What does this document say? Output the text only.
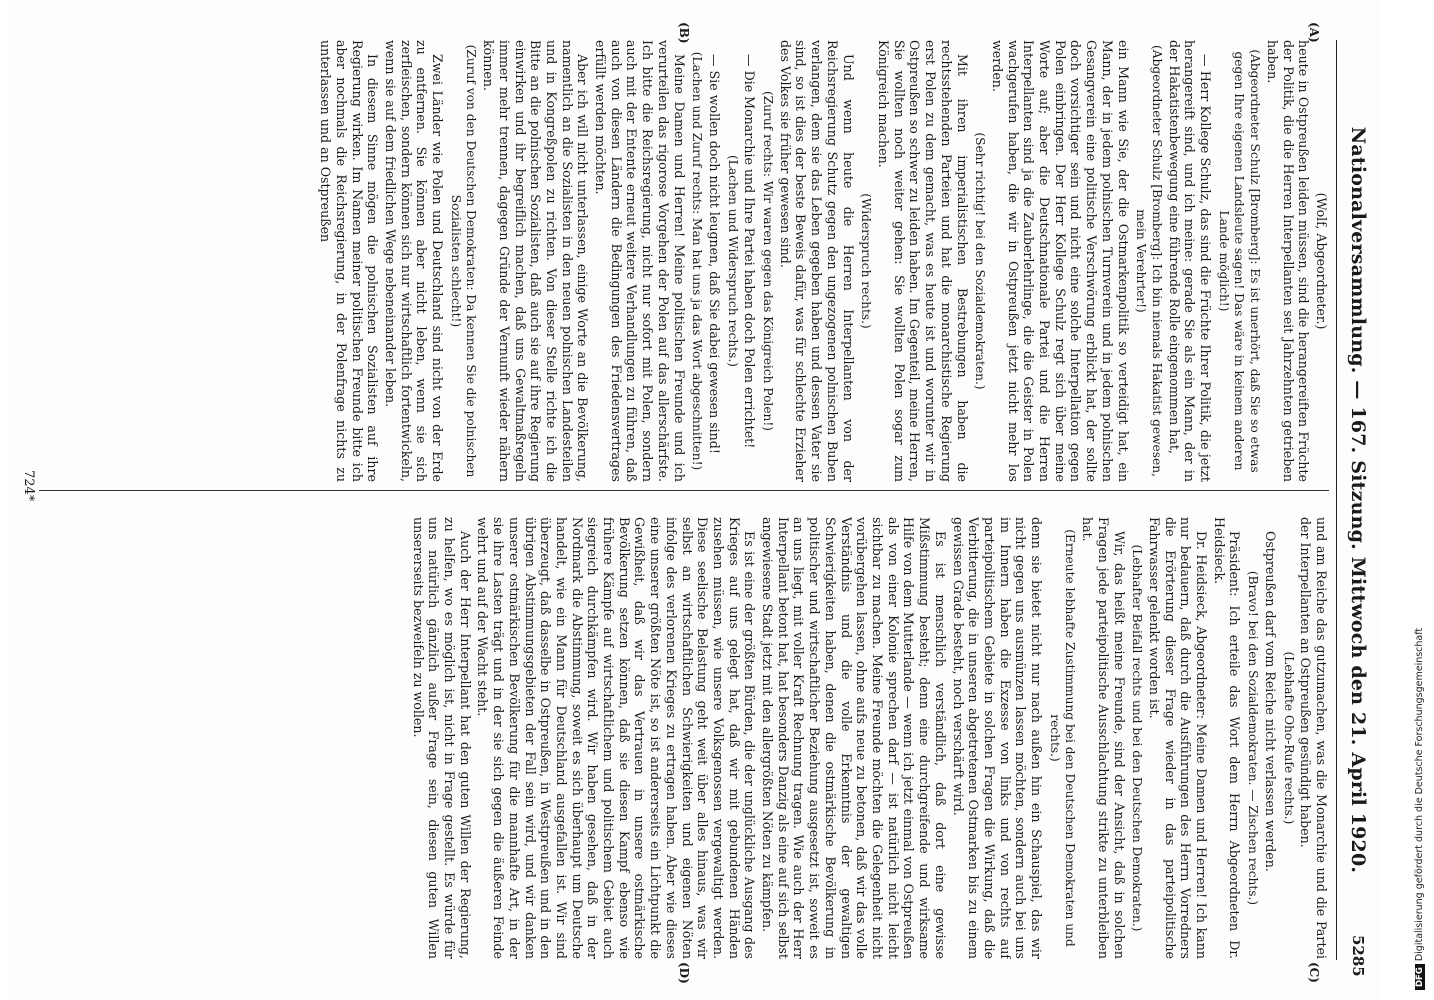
Nationalversammlung. — 167. Sitzung. Mittwoch den 21. April 1920.
(A)
(B)
(C)
(D)	5285

(Wolf, Abgeordneter.)

heute in Ostpreußen leiden müssen, sind die herangereiften Früchte der Politik, die die Herren Interpellanten seit Jahrzehnten getrieben haben.

(Abgeordneter Schulz [Bromberg]: Es ist unerhört, daß Sie so etwas gegen Ihre eigenen Landsleute sagen! Das wäre in keinem anderen Lande möglich!)

— Herr Kollege Schulz, das sind die Früchte Ihrer Politik, die jetzt herangereift sind, und ich meine: gerade Sie als ein Mann, der in der Hakatistenbewegung eine führende Rolle eingenommen hat,

(Abgeordneter Schulz [Bromberg]: Ich bin niemals Hakatist gewesen, mein Verehrter!)

ein Mann wie Sie, der die Ostmarkenpolitik so verteidigt hat, ein Mann, der in jedem polnischen Turnverein und in jedem polnischen Gesangverein eine politische Verschwörung erblickt hat, der sollte doch vorsichtiger sein und nicht eine solche Interpellation gegen Polen einbringen. Der Herr Kollege Schulz regt sich über meine Worte auf; aber die Deutschnationale Partei und die Herren Interpellanten sind ja die Zauberlehrlinge, die die Geister in Polen wachgerufen haben, die wir in Ostpreußen jetzt nicht mehr los werden.

(Sehr richtig! bei den Sozialdemokraten.)

Mit ihren imperialistischen Bestrebungen haben die rechtsstehenden Parteien und hat die monarchistische Regierung erst Polen zu dem gemacht, was es heute ist und worunter wir in Ostpreußen so schwer zu leiden haben. Im Gegenteil, meine Herren, Sie wollten noch weiter gehen: Sie wollten Polen sogar zum Königreich machen.

(Widerspruch rechts.)

Und wenn heute die Herren Interpellanten von der Reichsregierung Schutz gegen den ungezogenen polnischen Buben verlangen, dem sie das Leben gegeben haben und dessen Vater sie sind, so ist dies der beste Beweis dafür, was für schlechte Erzieher des Volkes sie früher gewesen sind.

(Zuruf rechts: Wir waren gegen das Königreich Polen!)

— Die Monarchie und Ihre Partei haben doch Polen errichtet!

(Lachen und Widerspruch rechts.)

— Sie wollen doch nicht leugnen, daß Sie dabei gewesen sind!

(Lachen und Zuruf rechts: Man hat uns ja das Wort abgeschnitten!)

Meine Damen und Herren! Meine politischen Freunde und ich verurteilen das rigorose Vorgehen der Polen auf das allerschärfste. Ich bitte die Reichsregierung, nicht nur sofort mit Polen, sondern auch mit der Entente erneut weitere Verhandlungen zu führen, daß auch von diesen Ländern die Bedingungen des Friedensvertrages erfüllt werden möchten.

Aber ich will nicht unterlassen, einige Worte an die Bevölkerung, namentlich an die Sozialisten in den neuen polnischen Landesteilen und in Kongreßpolen zu richten. Von dieser Stelle richte ich die Bitte an die polnischen Sozialisten, daß auch sie auf ihre Regierung einwirken und ihr begreiflich machen, daß uns Gewaltmaßregeln immer mehr trennen, dagegen Gründe der Vernunft wieder nähern können.

(Zuruf von den Deutschen Demokraten: Da kennen Sie die polnischen Sozialisten schlecht!)

Zwei Länder wie Polen und Deutschland sind nicht von der Erde zu entfernen. Sie können aber nicht leben, wenn sie sich zerfleischen, sondern können sich nur wirtschaftlich fortentwickeln, wenn sie auf dem friedlichen Wege nebeneinander leben.

In diesem Sinne mögen die polnischen Sozialisten auf ihre Regierung wirken. Im Namen meiner politischen Freunde bitte ich aber nochmals die Reichsregierung, in der Polenfrage nichts zu unterlassen und an Ostpreußen

und am Reiche das gutzumachen, was die Monarchie und die Partei der Interpellanten an Ostpreußen gesündigt haben.

(Lebhafte Oho-Rufe rechts.)

Ostpreußen darf vom Reiche nicht verlassen werden.

(Bravo! bei den Sozialdemokraten. — Zischen rechts.)

Präsident: Ich erteile das Wort dem Herrn Abgeordneten Dr. Heidsieck.

Dr. Heidsieck, Abgeordneter: Meine Damen und Herren! Ich kann nur bedauern, daß durch die Ausführungen des Herrn Vorredners die Erörterung dieser Frage wieder in das parteipolitische Fahrwasser gelenkt worden ist.

(Lebhafter Beifall rechts und bei den Deutschen Demokraten.)

Wir, das heißt meine Freunde, sind der Ansicht, daß in solchen Fragen jede parteipolitische Ausschlachtung strikte zu unterbleiben hat.

(Erneute lebhafte Zustimmung bei den Deutschen Demokraten und rechts.)

denn sie bietet nicht nur nach außen hin ein Schauspiel, das wir nicht gegen uns ausmünzen lassen möchten, sondern auch bei uns im Innern haben die Exzesse von links und von rechts auf parteipolitischem Gebiete in solchen Fragen die Wirkung, daß die Verbitterung, die in unseren abgetretenen Ostmarken bis zu einem gewissen Grade besteht, noch verschärft wird.

Es ist menschlich verständlich, daß dort eine gewisse Mißstimmung besteht; denn eine durchgreifende und wirksame Hilfe von dem Mutterlande — wenn ich jetzt einmal von Ostpreußen als von einer Kolonie sprechen darf — ist natürlich nicht leicht sichtbar zu machen. Meine Freunde möchten die Gelegenheit nicht vorübergehen lassen, ohne aufs neue zu betonen, daß wir das volle Verständnis und die volle Erkenntnis der gewaltigen Schwierigkeiten haben, denen die ostmärkische Bevölkerung in politischer und wirtschaftlicher Beziehung ausgesetzt ist, soweit es an uns liegt, mit voller Kraft Rechnung tragen. Wie auch der Herr Interpellant betont hat, hat besonders Danzig als eine auf sich selbst angewiesene Stadt jetzt mit den allergrößten Nöten zu kämpfen.

Es ist eine der größten Bürden, die der unglückliche Ausgang des Krieges auf uns gelegt hat, daß wir mit gebundenen Händen zusehen müssen, wie unsere Volksgenossen vergewaltigt werden. Diese seelische Belastung geht weit über alles hinaus, was wir selbst an wirtschaftlichen Schwierigkeiten und eigenen Nöten infolge des verlorenen Krieges zu ertragen haben. Aber wie dieses eine unserer größten Nöte ist, so ist andererseits ein Lichtpunkt die Gewißheit, daß wir das Vertrauen in unsere ostmärkische Bevölkerung setzen können, daß sie diesen Kampf ebenso wie frühere Kämpfe auf wirtschaftlichem und politischem Gebiet auch siegreich durchkämpfen wird. Wir haben gesehen, daß in der Nordmark die Abstimmung, soweit es sich überhaupt um Deutsche handelt, wie ein Mann für Deutschland ausgefallen ist. Wir sind überzeugt, daß dasselbe in Ostpreußen, in Westpreußen und in den übrigen Abstimmungsgebieten der Fall sein wird, und wir danken unserer ostmärkischen Bevölkerung für die mannhafte Art, in der sie ihre Lasten trägt und in der sie sich gegen die äußeren Feinde wehrt und auf der Wacht steht.

Auch der Herr Interpellant hat den guten Willen der Regierung, zu helfen, wo es möglich ist, nicht in Frage gestellt. Es würde für uns natürlich gänzlich außer Frage sein, diesen guten Willen unsererseits bezweifeln zu wollen.

724*
DFGDigitalisierung gefördert durch die Deutsche Forschungsgemeinschaft
